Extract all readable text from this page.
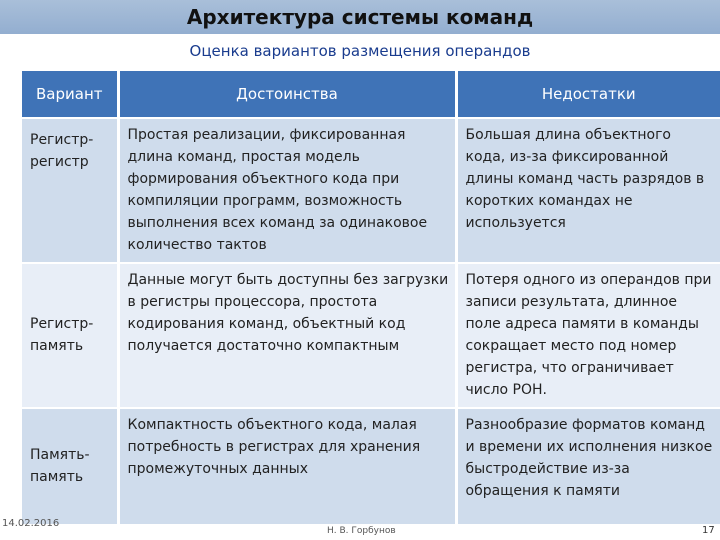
Архитектура системы команд
Оценка вариантов размещения операндов
Вариант	Достоинства	Недостатки
Регистр-регистр	Простая реализации, фиксированная длина команд, простая модель формирования объектного кода при компиляции программ, возможность выполнения всех команд за одинаковое количество тактов	Большая длина объектного кода, из-за фиксированной длины команд часть разрядов в коротких командах не используется
Регистр-память	Данные могут быть доступны без загрузки в регистры процессора, простота кодирования команд, объектный код получается достаточно компактным	Потеря одного из операндов при записи результата, длинное поле адреса памяти в команды сокращает место под номер регистра, что ограничивает число РОН.
Память-память	Компактность объектного кода, малая потребность в регистрах для хранения промежуточных данных	Разнообразие форматов команд и времени их исполнения низкое быстродействие из-за обращения к памяти
14.02.2016
Н. В. Горбунов	17
